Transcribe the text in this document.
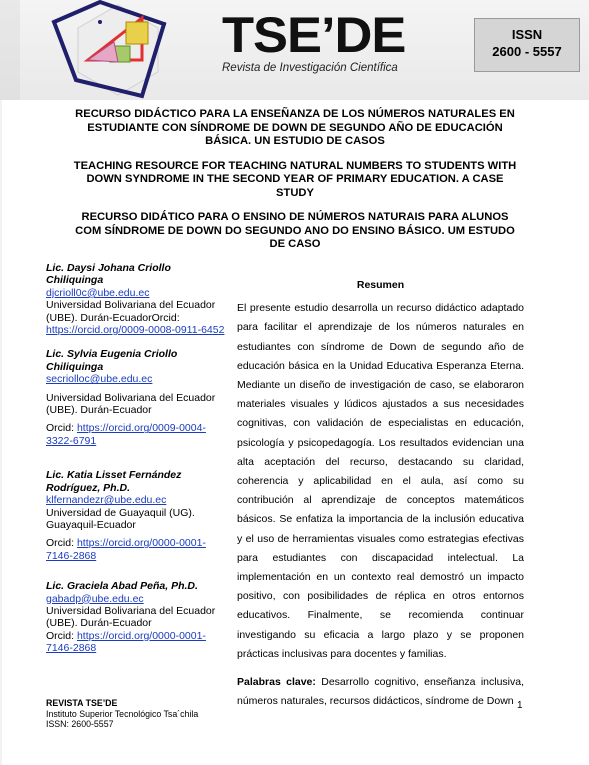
TSE’DE
Revista de Investigación Científica
ISSN
2600 - 5557
RECURSO DIDÁCTICO PARA LA ENSEÑANZA DE LOS NÚMEROS NATURALES EN ESTUDIANTE CON SÍNDROME DE DOWN DE SEGUNDO AÑO DE EDUCACIÓN BÁSICA. UN ESTUDIO DE CASOS
TEACHING RESOURCE FOR TEACHING NATURAL NUMBERS TO STUDENTS WITH DOWN SYNDROME IN THE SECOND YEAR OF PRIMARY EDUCATION. A CASE STUDY
RECURSO DIDÁTICO PARA O ENSINO DE NÚMEROS NATURAIS PARA ALUNOS COM SÍNDROME DE DOWN DO SEGUNDO ANO DO ENSINO BÁSICO. UM ESTUDO DE CASO
Lic. Daysi Johana Criollo Chiliquinga
djcrioll0c@ube.edu.ec
Universidad Bolivariana del Ecuador (UBE). Durán-EcuadorOrcid:
https://orcid.org/0009-0008-0911-6452
Lic. Sylvia Eugenia Criollo Chiliquinga
secriolloc@ube.edu.ec
Universidad Bolivariana del Ecuador (UBE). Durán-Ecuador
Orcid: https://orcid.org/0009-0004-3322-6791
Lic. Katia Lisset Fernández Rodríguez, Ph.D.
klfernandezr@ube.edu.ec
Universidad de Guayaquil (UG). Guayaquil-Ecuador
Orcid: https://orcid.org/0000-0001-7146-2868
Lic. Graciela Abad Peña, Ph.D.
gabadp@ube.edu.ec
Universidad Bolivariana del Ecuador (UBE). Durán-Ecuador
Orcid: https://orcid.org/0000-0001-7146-2868
Resumen

El presente estudio desarrolla un recurso didáctico adaptado para facilitar el aprendizaje de los números naturales en estudiantes con síndrome de Down de segundo año de educación básica en la Unidad Educativa Esperanza Eterna. Mediante un diseño de investigación de caso, se elaboraron materiales visuales y lúdicos ajustados a sus necesidades cognitivas, con validación de especialistas en educación, psicología y psicopedagogía. Los resultados evidencian una alta aceptación del recurso, destacando su claridad, coherencia y aplicabilidad en el aula, así como su contribución al aprendizaje de conceptos matemáticos básicos. Se enfatiza la importancia de la inclusión educativa y el uso de herramientas visuales como estrategias efectivas para estudiantes con discapacidad intelectual. La implementación en un contexto real demostró un impacto positivo, con posibilidades de réplica en otros entornos educativos. Finalmente, se recomienda continuar investigando su eficacia a largo plazo y se proponen prácticas inclusivas para docentes y familias.

Palabras clave: Desarrollo cognitivo, enseñanza inclusiva, números naturales, recursos didácticos, síndrome de Down
REVISTA TSE’DE
Instituto Superior Tecnológico Tsa´chila
ISSN: 2600-5557
1
